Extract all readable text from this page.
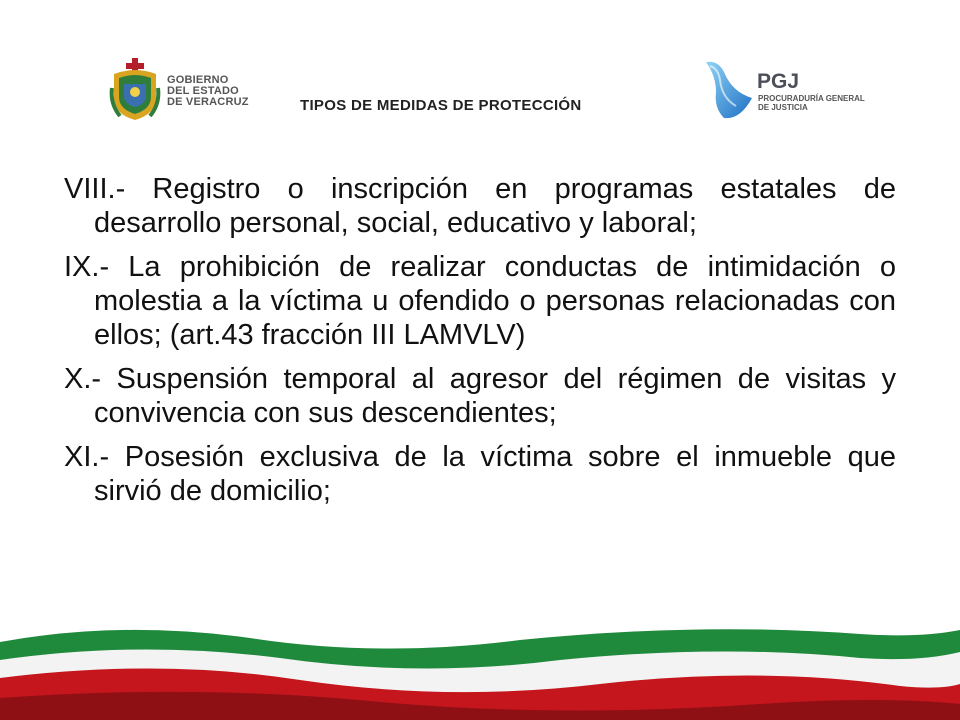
GOBIERNO
DEL ESTADO
DE VERACRUZ	TIPOS DE MEDIDAS DE PROTECCIÓN
PGJ
PROCURADURÍA GENERAL
DE JUSTICIA
VIII.- Registro o inscripción en programas estatales de desarrollo personal, social, educativo y laboral;
IX.- La prohibición de realizar conductas de intimidación o molestia a la víctima u ofendido o personas relacionadas con ellos; (art.43 fracción III LAMVLV)
X.- Suspensión temporal al agresor del régimen de visitas y convivencia con sus descendientes;
XI.- Posesión exclusiva de la víctima sobre el inmueble que sirvió de domicilio;
